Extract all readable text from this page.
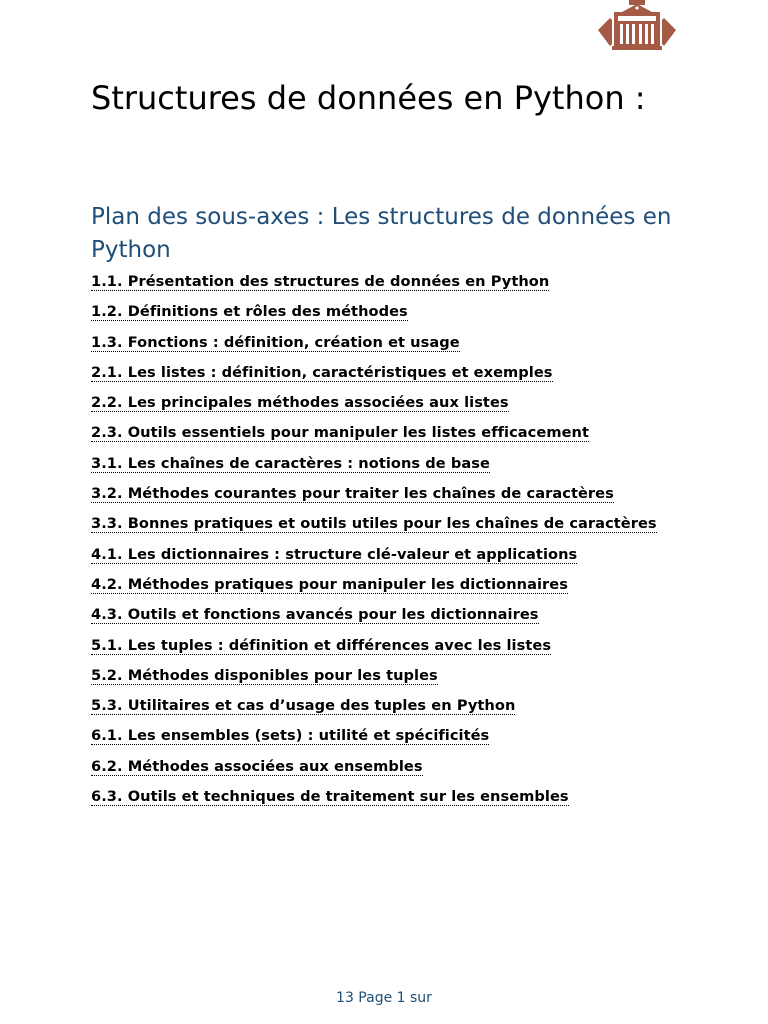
Structures de données en Python :
Plan des sous-axes : Les structures de données en Python
1.1. Présentation des structures de données en Python
1.2. Définitions et rôles des méthodes
1.3. Fonctions : définition, création et usage
2.1. Les listes : définition, caractéristiques et exemples
2.2. Les principales méthodes associées aux listes
2.3. Outils essentiels pour manipuler les listes efficacement
3.1. Les chaînes de caractères : notions de base
3.2. Méthodes courantes pour traiter les chaînes de caractères
3.3. Bonnes pratiques et outils utiles pour les chaînes de caractères
4.1. Les dictionnaires : structure clé-valeur et applications
4.2. Méthodes pratiques pour manipuler les dictionnaires
4.3. Outils et fonctions avancés pour les dictionnaires
5.1. Les tuples : définition et différences avec les listes
5.2. Méthodes disponibles pour les tuples
5.3. Utilitaires et cas d’usage des tuples en Python
6.1. Les ensembles (sets) : utilité et spécificités
6.2. Méthodes associées aux ensembles
6.3. Outils et techniques de traitement sur les ensembles
13 Page 1 sur
